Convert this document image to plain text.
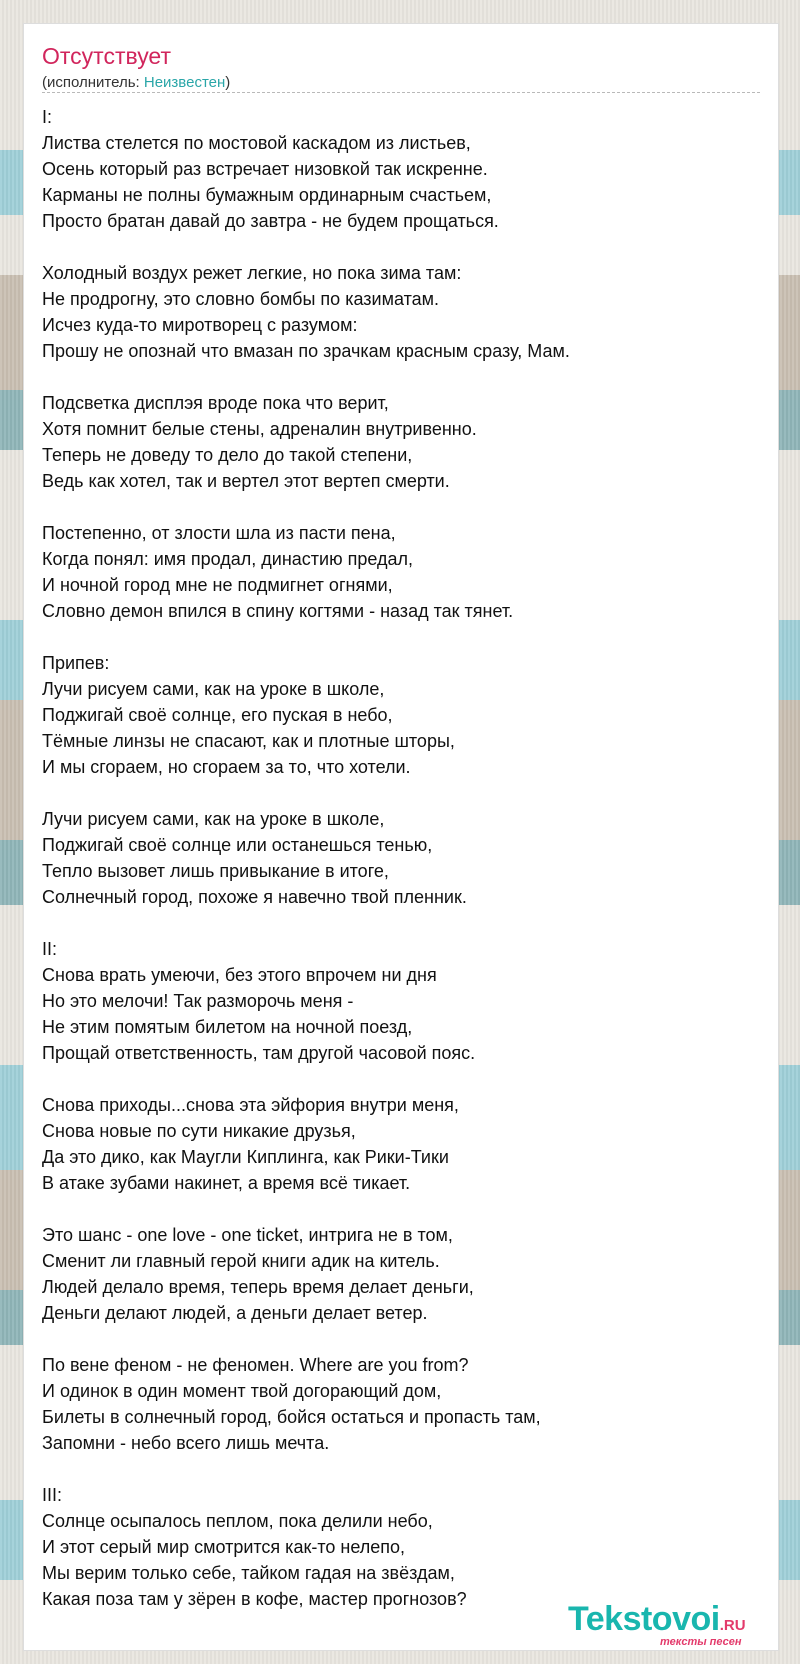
Отсутствует
(исполнитель: Неизвестен)
I:
Листва стелется по мостовой каскадом из листьев,
Осень который раз встречает низовкой так искренне.
Карманы не полны бумажным ординарным счастьем,
Просто братан давай до завтра - не будем прощаться.
Холодный воздух режет легкие, но пока зима там:
Не продрогну, это словно бомбы по казиматам.
Исчез куда-то миротворец с разумом:
Прошу не опознай что вмазан по зрачкам красным сразу, Мам.
Подсветка дисплэя вроде пока что верит,
Хотя помнит белые стены, адреналин внутривенно.
Теперь не доведу то дело до такой степени,
Ведь как хотел, так и вертел этот вертеп смерти.
Постепенно, от злости шла из пасти пена,
Когда понял: имя продал, династию предал,
И ночной город мне не подмигнет огнями,
Словно демон впился в спину когтями - назад так тянет.
Припев:
Лучи рисуем сами, как на уроке в школе,
Поджигай своё солнце, его пуская в небо,
Тёмные линзы не спасают, как и плотные шторы,
И мы сгораем, но сгораем за то, что хотели.
Лучи рисуем сами, как на уроке в школе,
Поджигай своё солнце или останешься тенью,
Тепло вызовет лишь привыкание в итоге,
Солнечный город, похоже я навечно твой пленник.
II:
Снова врать умеючи, без этого впрочем ни дня
Но это мелочи! Так разморочь меня -
Не этим помятым билетом на ночной поезд,
Прощай ответственность, там другой часовой пояс.
Снова приходы...снова эта эйфория внутри меня,
Снова новые по сути никакие друзья,
Да это дико, как Маугли Киплинга, как Рики-Тики
В атаке зубами накинет, а время всё тикает.
Это шанс - one love - one ticket, интрига не в том,
Сменит ли главный герой книги адик на китель.
Людей делало время, теперь время делает деньги,
Деньги делают людей, а деньги делает ветер.
По вене феном - не феномен. Where are you from?
И одинок в один момент твой догорающий дом,
Билеты в солнечный город, бойся остаться и пропасть там,
Запомни - небо всего лишь мечта.
III:
Солнце осыпалось пеплом, пока делили небо,
И этот серый мир смотрится как-то нелепо,
Мы верим только себе, тайком гадая на звёздам,
Какая поза там у зёрен в кофе, мастер прогнозов?
Tekstovoi.RU
тексты песен
